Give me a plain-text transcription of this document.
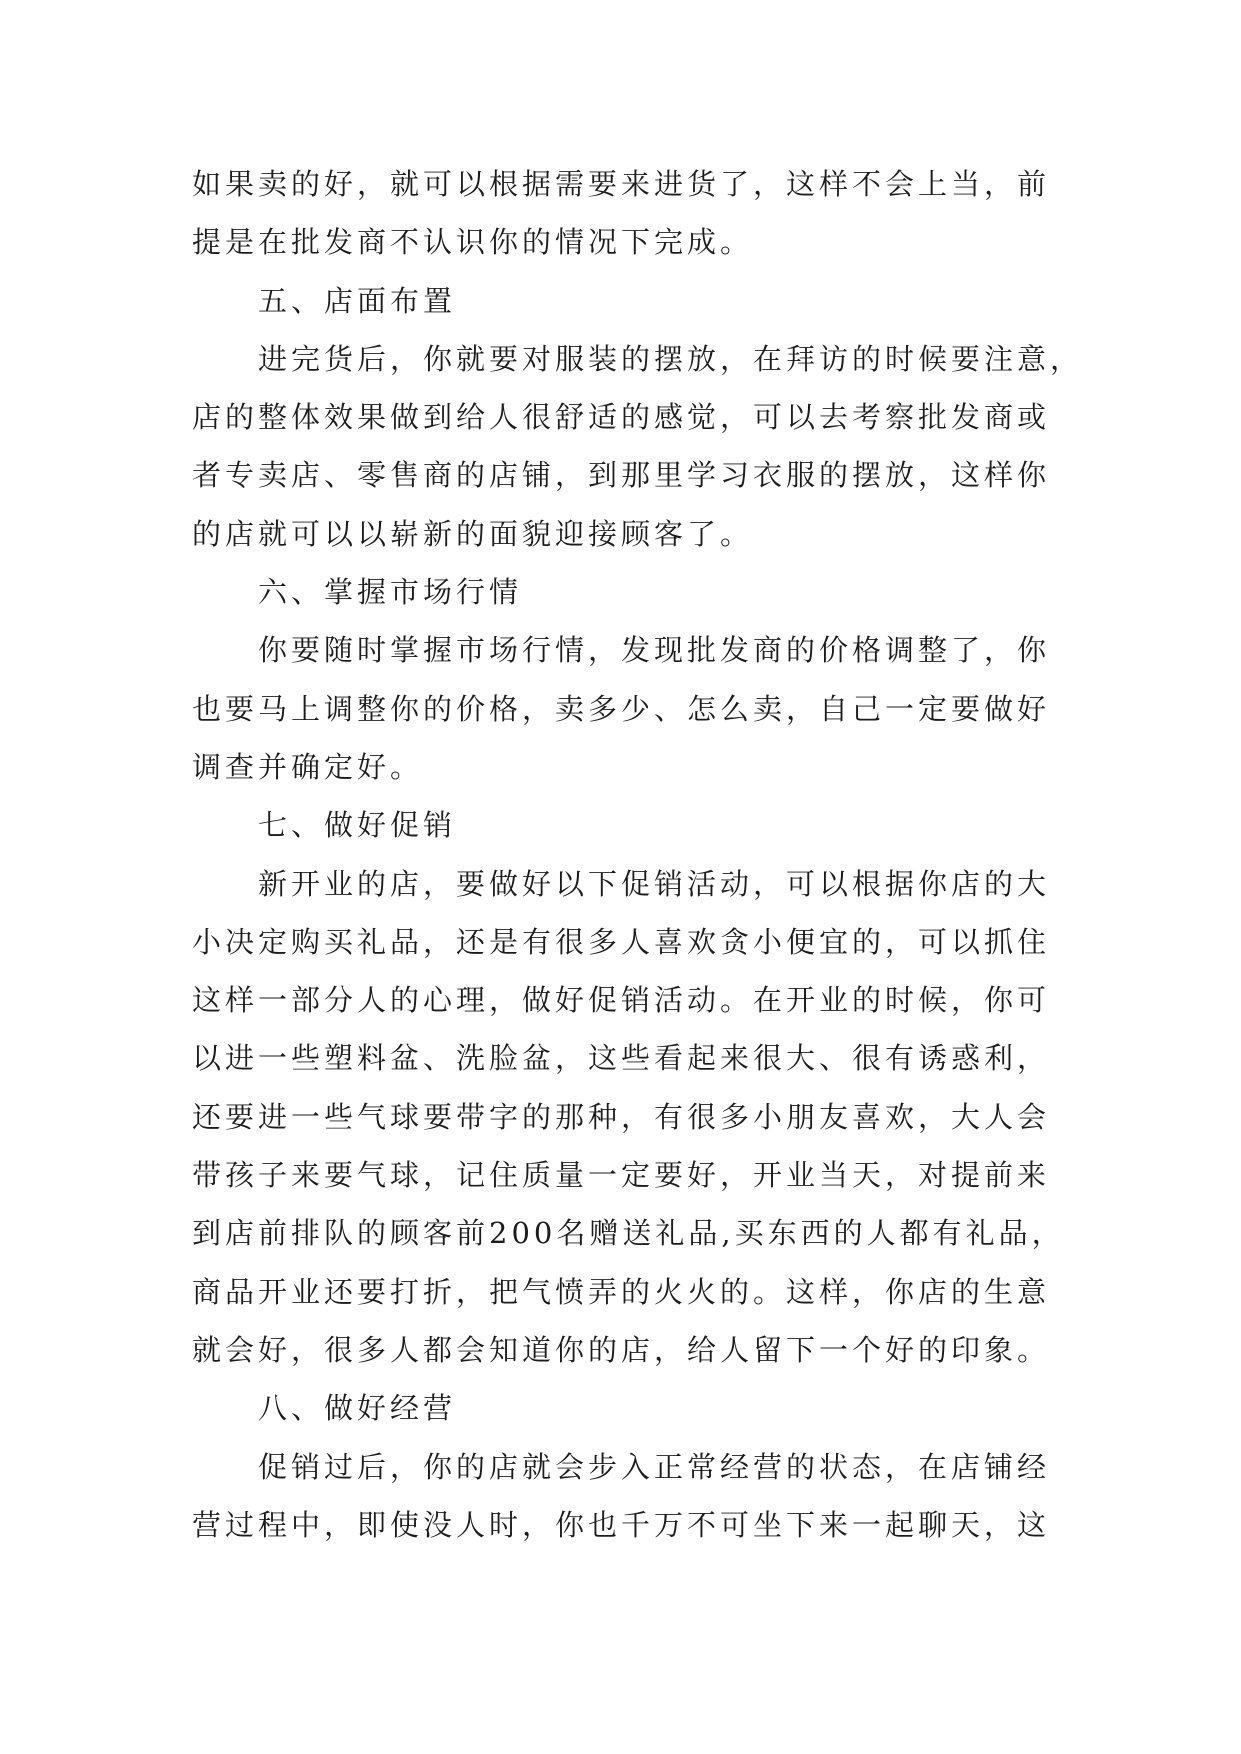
如果卖的好，就可以根据需要来进货了，这样不会上当，前
提是在批发商不认识你的情况下完成。
五、店面布置
进完货后，你就要对服装的摆放，在拜访的时候要注意，
店的整体效果做到给人很舒适的感觉，可以去考察批发商或
者专卖店、零售商的店铺，到那里学习衣服的摆放，这样你
的店就可以以崭新的面貌迎接顾客了。
六、掌握市场行情
你要随时掌握市场行情，发现批发商的价格调整了，你
也要马上调整你的价格，卖多少、怎么卖，自己一定要做好
调查并确定好。
七、做好促销
新开业的店，要做好以下促销活动，可以根据你店的大
小决定购买礼品，还是有很多人喜欢贪小便宜的，可以抓住
这样一部分人的心理，做好促销活动。在开业的时候，你可
以进一些塑料盆、洗脸盆，这些看起来很大、很有诱惑利，
还要进一些气球要带字的那种，有很多小朋友喜欢，大人会
带孩子来要气球，记住质量一定要好，开业当天，对提前来
到店前排队的顾客前200名赠送礼品,买东西的人都有礼品，
商品开业还要打折，把气愤弄的火火的。这样，你店的生意
就会好，很多人都会知道你的店，给人留下一个好的印象。
八、做好经营
促销过后，你的店就会步入正常经营的状态，在店铺经
营过程中，即使没人时，你也千万不可坐下来一起聊天，这
